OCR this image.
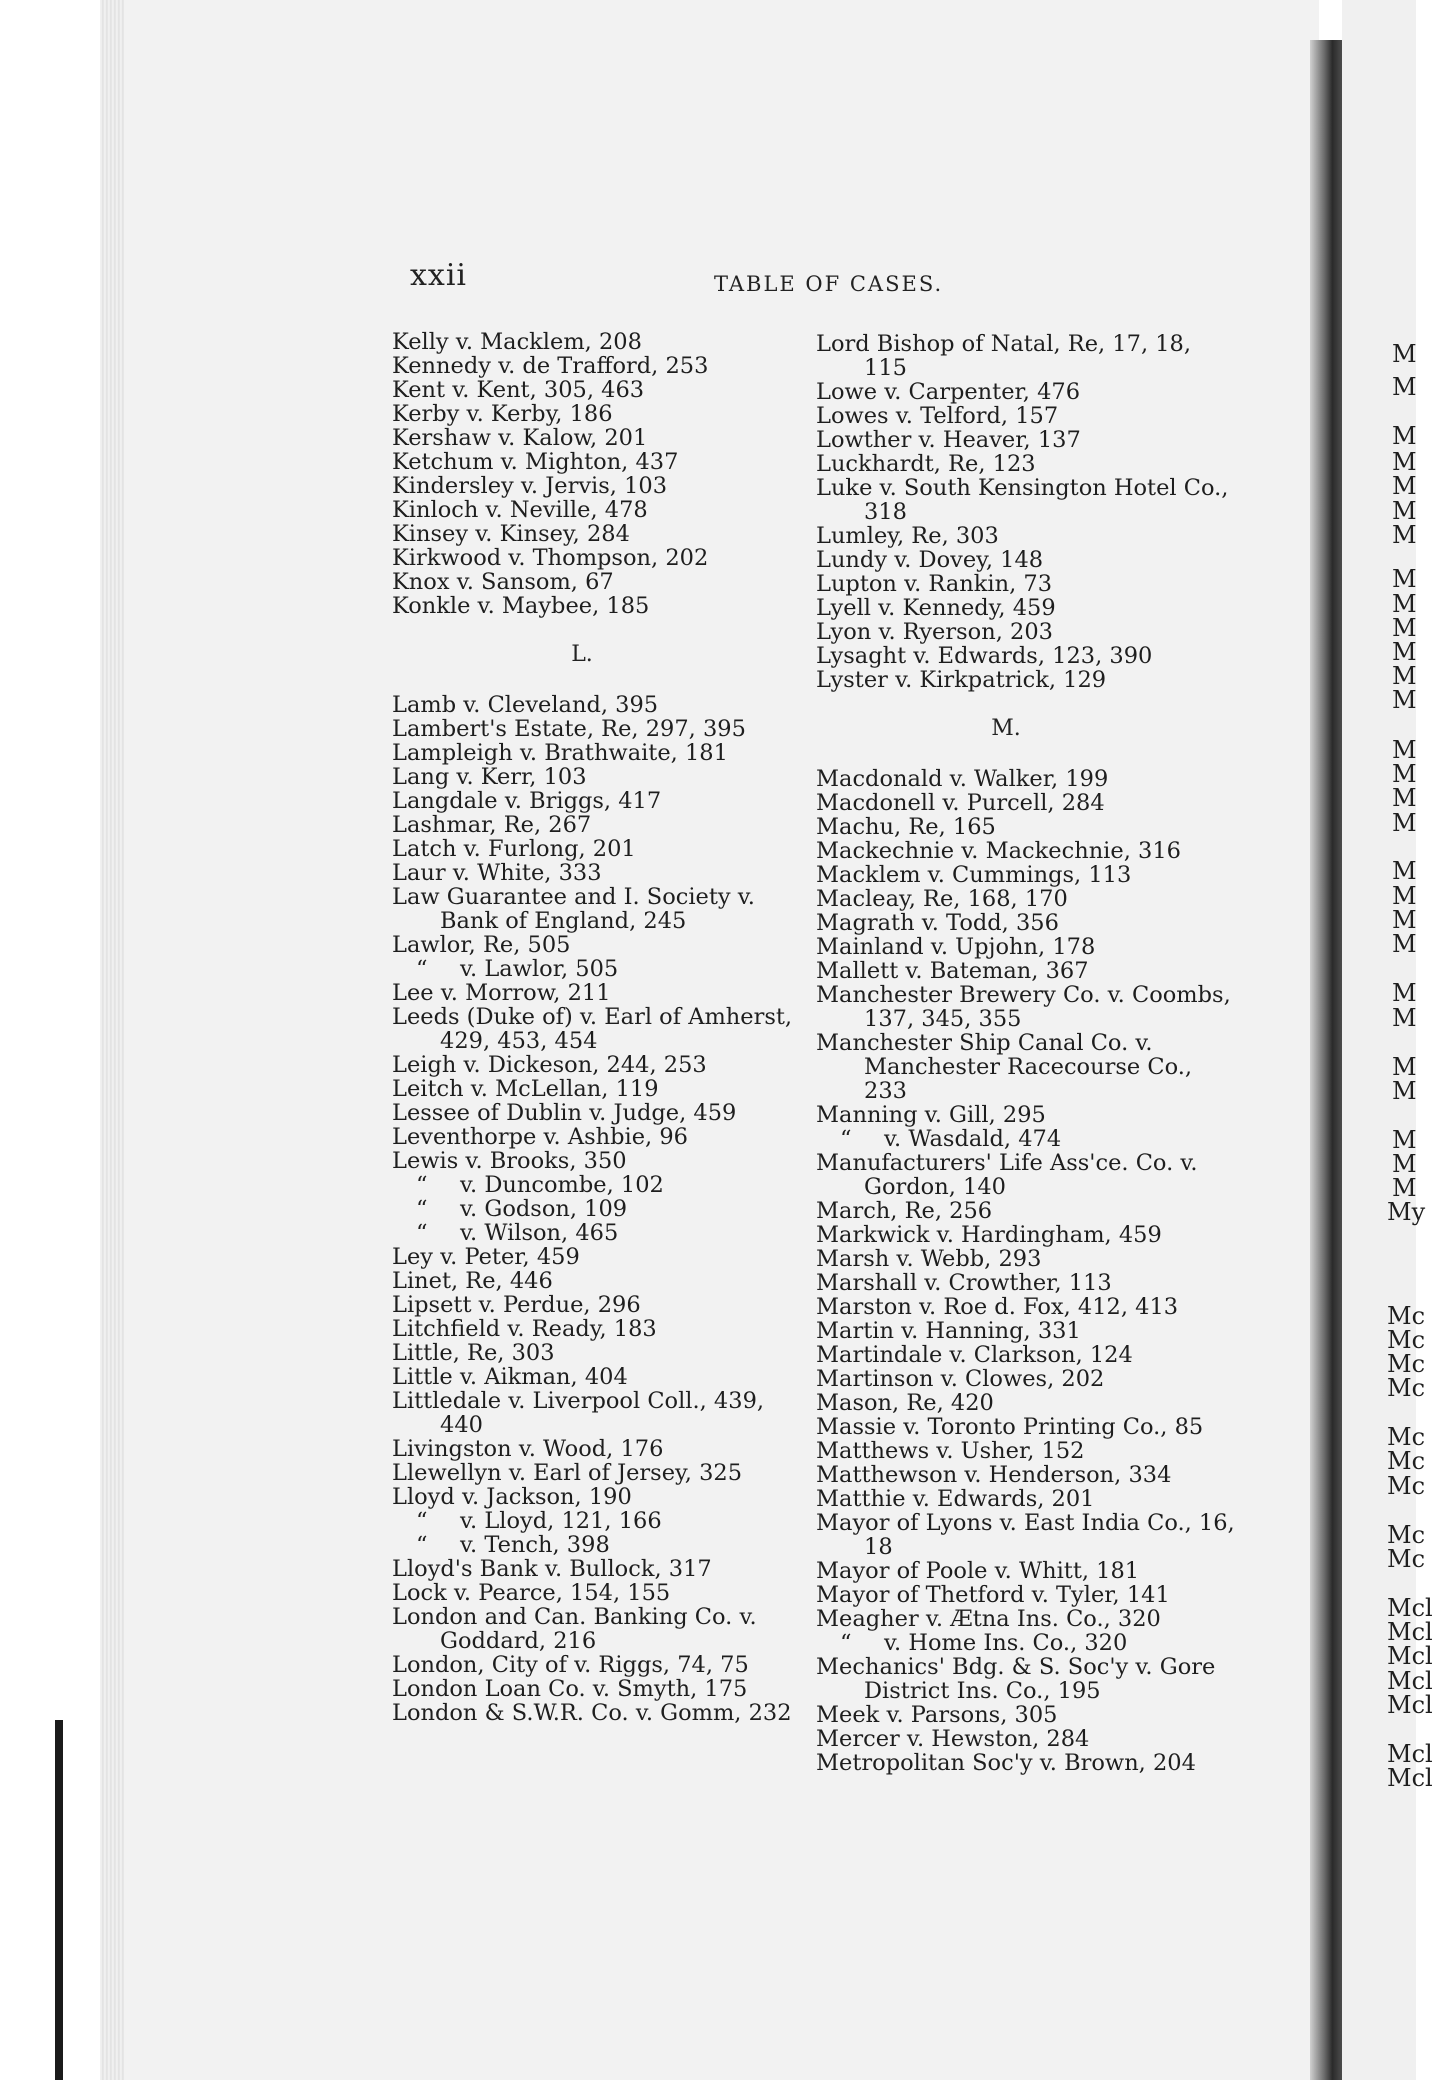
M
M
M
M
M
M
M
M
M
M
M
M
M
M
M
M
M
M
M
M
M
M
M
M
M
M
M
M
My
Mc
Mc
Mc
Mc
Mc
Mc
Mc
Mc
Mc
Mcl
Mcl
Mcl
Mcl
Mcl
Mcl
Mcl
xxii	TABLE OF CASES.
Kelly v. Macklem, 208
Kennedy v. de Trafford, 253
Kent v. Kent, 305, 463
Kerby v. Kerby, 186
Kershaw v. Kalow, 201
Ketchum v. Mighton, 437
Kindersley v. Jervis, 103
Kinloch v. Neville, 478
Kinsey v. Kinsey, 284
Kirkwood v. Thompson, 202
Knox v. Sansom, 67
Konkle v. Maybee, 185
L.
Lamb v. Cleveland, 395
Lambert's Estate, Re, 297, 395
Lampleigh v. Brathwaite, 181
Lang v. Kerr, 103
Langdale v. Briggs, 417
Lashmar, Re, 267
Latch v. Furlong, 201
Laur v. White, 333
Law Guarantee and I. Society v. Bank of England, 245
Lawlor, Re, 505
“ v. Lawlor, 505
Lee v. Morrow, 211
Leeds (Duke of) v. Earl of Amherst, 429, 453, 454
Leigh v. Dickeson, 244, 253
Leitch v. McLellan, 119
Lessee of Dublin v. Judge, 459
Leventhorpe v. Ashbie, 96
Lewis v. Brooks, 350
“ v. Duncombe, 102
“ v. Godson, 109
“ v. Wilson, 465
Ley v. Peter, 459
Linet, Re, 446
Lipsett v. Perdue, 296
Litchfield v. Ready, 183
Little, Re, 303
Little v. Aikman, 404
Littledale v. Liverpool Coll., 439, 440
Livingston v. Wood, 176
Llewellyn v. Earl of Jersey, 325
Lloyd v. Jackson, 190
“ v. Lloyd, 121, 166
“ v. Tench, 398
Lloyd's Bank v. Bullock, 317
Lock v. Pearce, 154, 155
London and Can. Banking Co. v. Goddard, 216
London, City of v. Riggs, 74, 75
London Loan Co. v. Smyth, 175
London & S.W.R. Co. v. Gomm, 232
Lord Bishop of Natal, Re, 17, 18, 115
Lowe v. Carpenter, 476
Lowes v. Telford, 157
Lowther v. Heaver, 137
Luckhardt, Re, 123
Luke v. South Kensington Hotel Co., 318
Lumley, Re, 303
Lundy v. Dovey, 148
Lupton v. Rankin, 73
Lyell v. Kennedy, 459
Lyon v. Ryerson, 203
Lysaght v. Edwards, 123, 390
Lyster v. Kirkpatrick, 129
M.
Macdonald v. Walker, 199
Macdonell v. Purcell, 284
Machu, Re, 165
Mackechnie v. Mackechnie, 316
Macklem v. Cummings, 113
Macleay, Re, 168, 170
Magrath v. Todd, 356
Mainland v. Upjohn, 178
Mallett v. Bateman, 367
Manchester Brewery Co. v. Coombs, 137, 345, 355
Manchester Ship Canal Co. v. Manchester Racecourse Co., 233
Manning v. Gill, 295
“ v. Wasdald, 474
Manufacturers' Life Ass'ce. Co. v. Gordon, 140
March, Re, 256
Markwick v. Hardingham, 459
Marsh v. Webb, 293
Marshall v. Crowther, 113
Marston v. Roe d. Fox, 412, 413
Martin v. Hanning, 331
Martindale v. Clarkson, 124
Martinson v. Clowes, 202
Mason, Re, 420
Massie v. Toronto Printing Co., 85
Matthews v. Usher, 152
Matthewson v. Henderson, 334
Matthie v. Edwards, 201
Mayor of Lyons v. East India Co., 16, 18
Mayor of Poole v. Whitt, 181
Mayor of Thetford v. Tyler, 141
Meagher v. Ætna Ins. Co., 320
“ v. Home Ins. Co., 320
Mechanics' Bdg. & S. Soc'y v. Gore District Ins. Co., 195
Meek v. Parsons, 305
Mercer v. Hewston, 284
Metropolitan Soc'y v. Brown, 204
